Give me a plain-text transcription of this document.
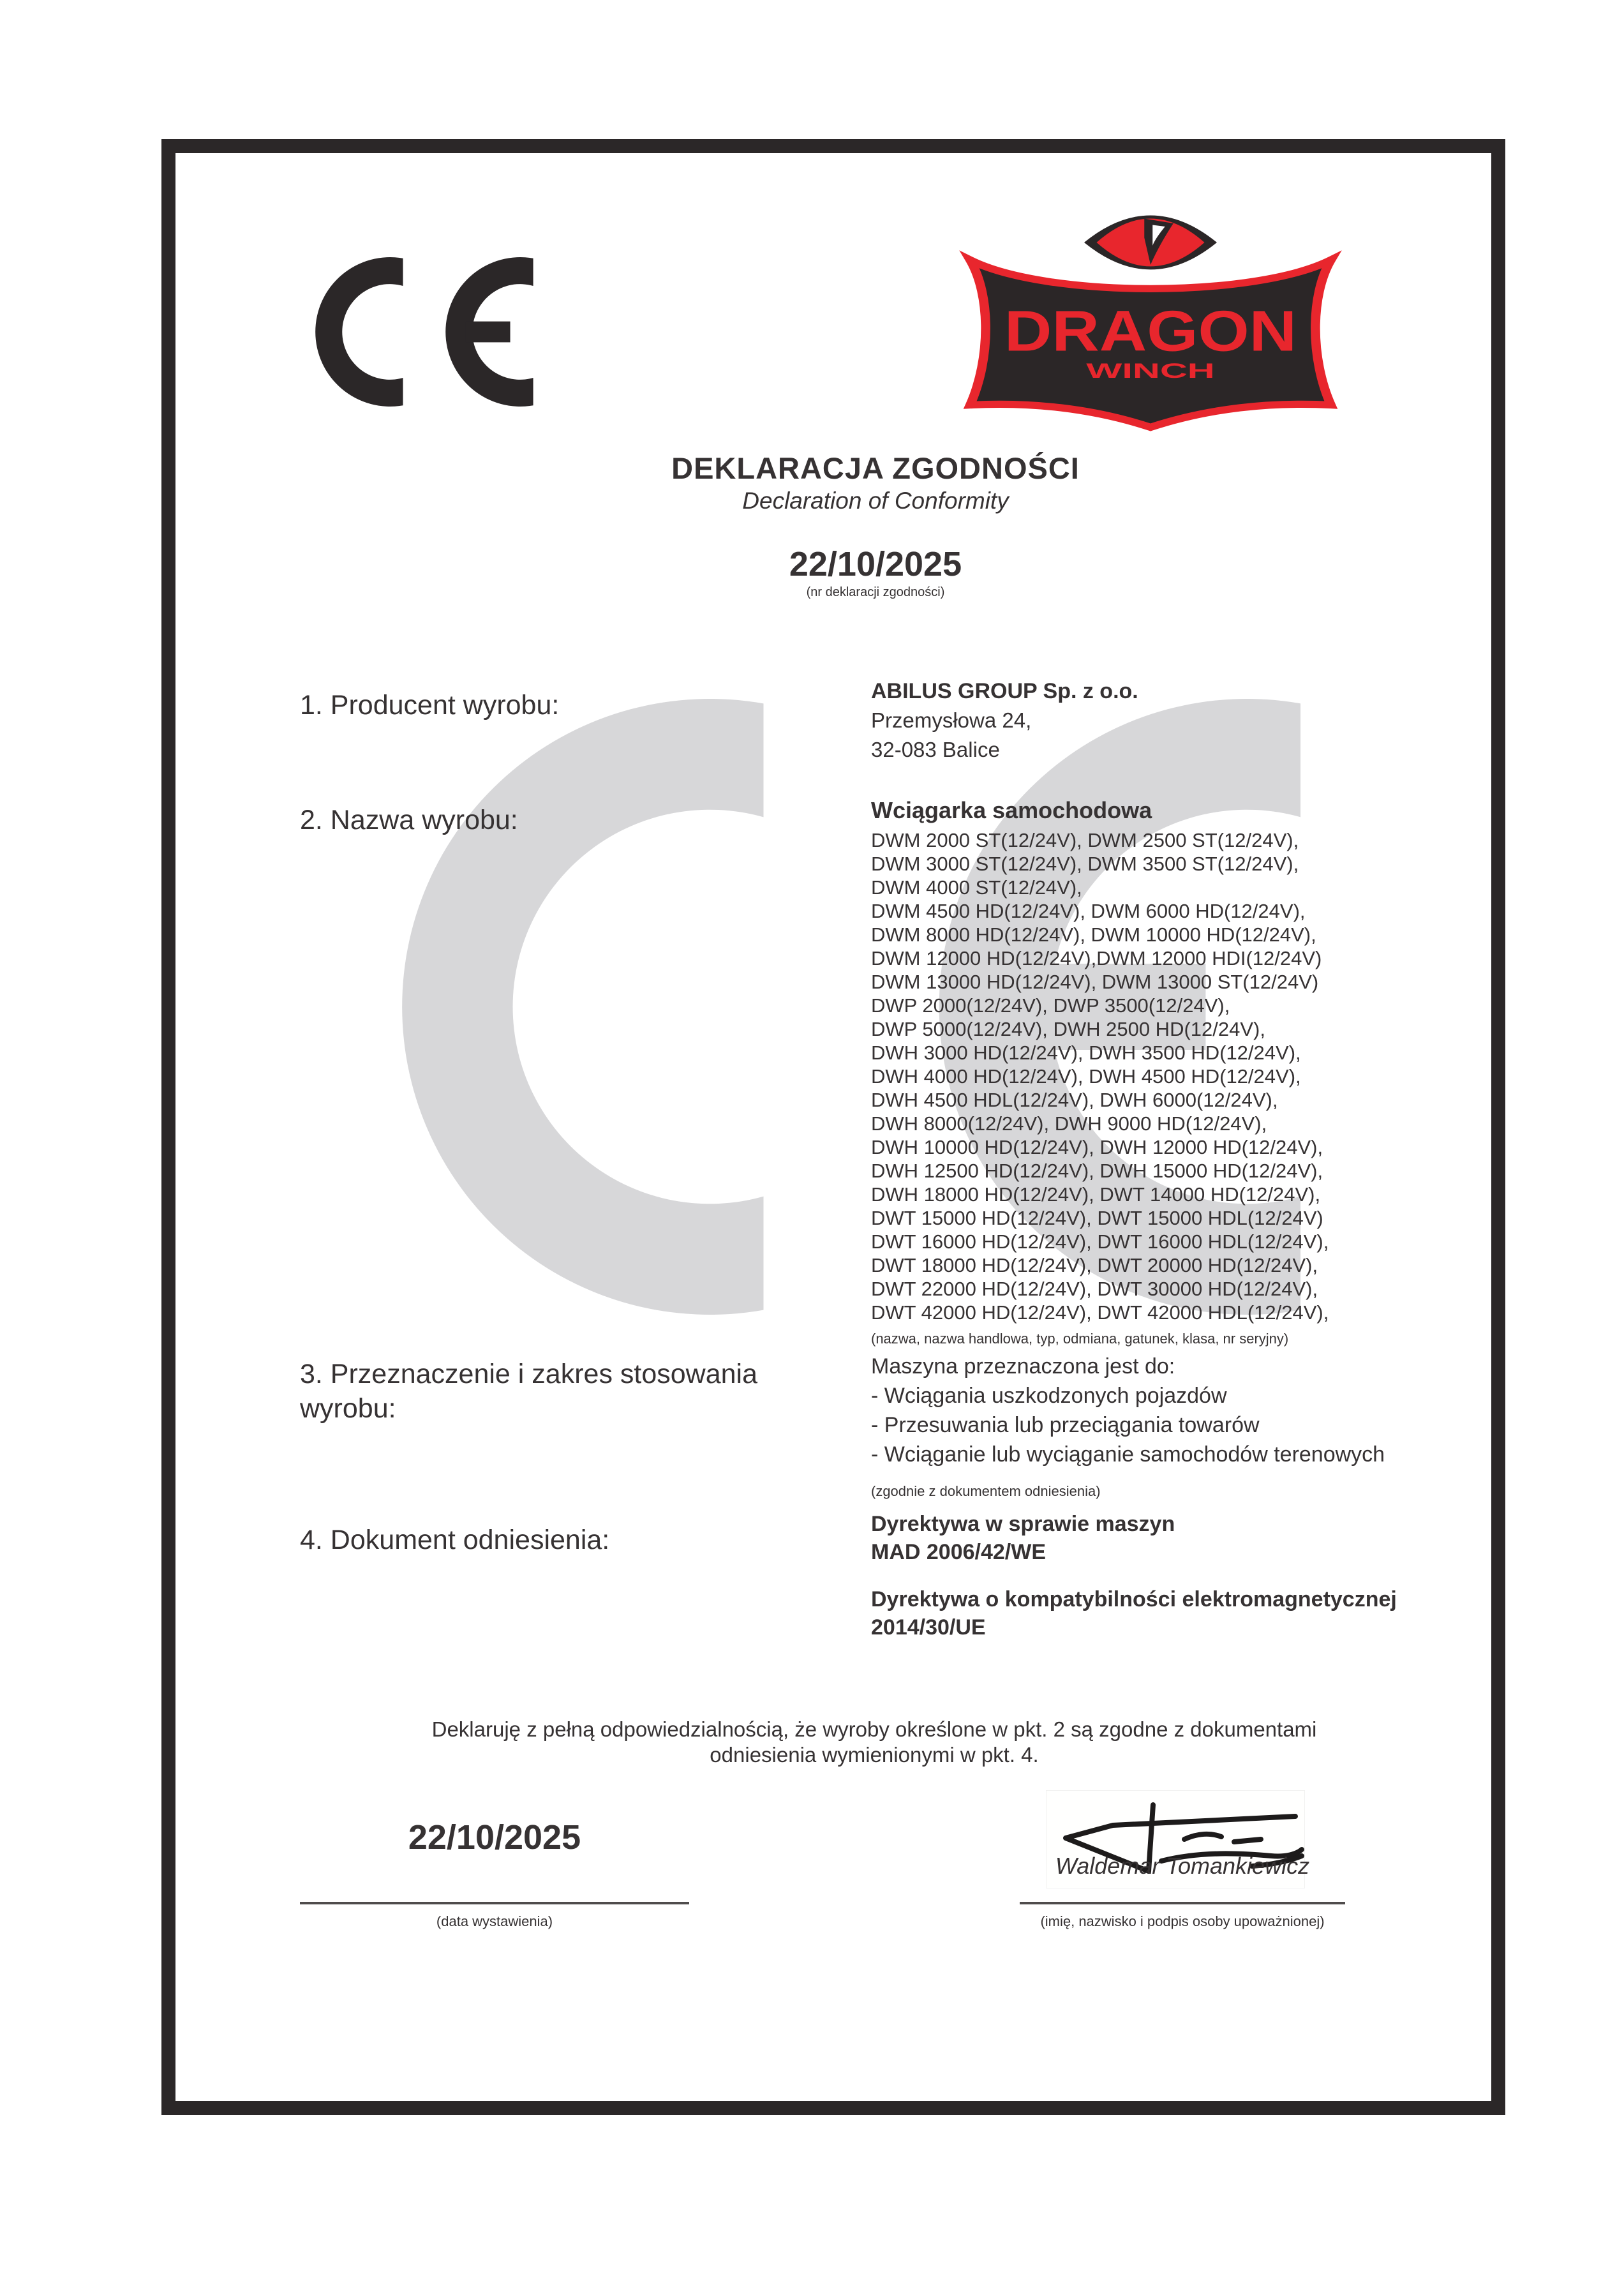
DRAGON
WINCH
DEKLARACJA ZGODNOŚCI
Declaration of Conformity
22/10/2025
(nr deklaracji zgodności)
1. Producent wyrobu:
2. Nazwa wyrobu:
3. Przeznaczenie i zakres stosowania wyrobu:
4. Dokument odniesienia:
ABILUS GROUP Sp. z o.o.
Przemysłowa 24,
32-083 Balice
Wciągarka samochodowa
DWM 2000 ST(12/24V), DWM 2500 ST(12/24V),
DWM 3000 ST(12/24V), DWM 3500 ST(12/24V),
DWM 4000 ST(12/24V),
DWM 4500 HD(12/24V), DWM 6000 HD(12/24V),
DWM 8000 HD(12/24V), DWM 10000 HD(12/24V),
DWM 12000 HD(12/24V),DWM 12000 HDI(12/24V)
DWM 13000 HD(12/24V), DWM 13000 ST(12/24V)
DWP 2000(12/24V), DWP 3500(12/24V),
DWP 5000(12/24V), DWH 2500 HD(12/24V),
DWH 3000 HD(12/24V), DWH 3500 HD(12/24V),
DWH 4000 HD(12/24V), DWH 4500 HD(12/24V),
DWH 4500 HDL(12/24V), DWH 6000(12/24V),
DWH 8000(12/24V), DWH 9000 HD(12/24V),
DWH 10000 HD(12/24V), DWH 12000 HD(12/24V),
DWH 12500 HD(12/24V), DWH 15000 HD(12/24V),
DWH 18000 HD(12/24V), DWT 14000 HD(12/24V),
DWT 15000 HD(12/24V), DWT 15000 HDL(12/24V)
DWT 16000 HD(12/24V), DWT 16000 HDL(12/24V),
DWT 18000 HD(12/24V), DWT 20000 HD(12/24V),
DWT 22000 HD(12/24V), DWT 30000 HD(12/24V),
DWT 42000 HD(12/24V), DWT 42000 HDL(12/24V),
(nazwa, nazwa handlowa, typ, odmiana, gatunek, klasa, nr seryjny)
Maszyna przeznaczona jest do:
- Wciągania uszkodzonych pojazdów
- Przesuwania lub przeciągania towarów
- Wciąganie lub wyciąganie samochodów terenowych
(zgodnie z dokumentem odniesienia)
Dyrektywa w sprawie maszyn
MAD 2006/42/WE
Dyrektywa o kompatybilności elektromagnetycznej
2014/30/UE
Deklaruję z pełną odpowiedzialnością, że wyroby określone w pkt. 2 są zgodne z dokumentami
odniesienia wymienionymi w pkt. 4.
22/10/2025
(data wystawienia)
Waldemar Tomankiewicz
(imię, nazwisko i podpis osoby upoważnionej)
